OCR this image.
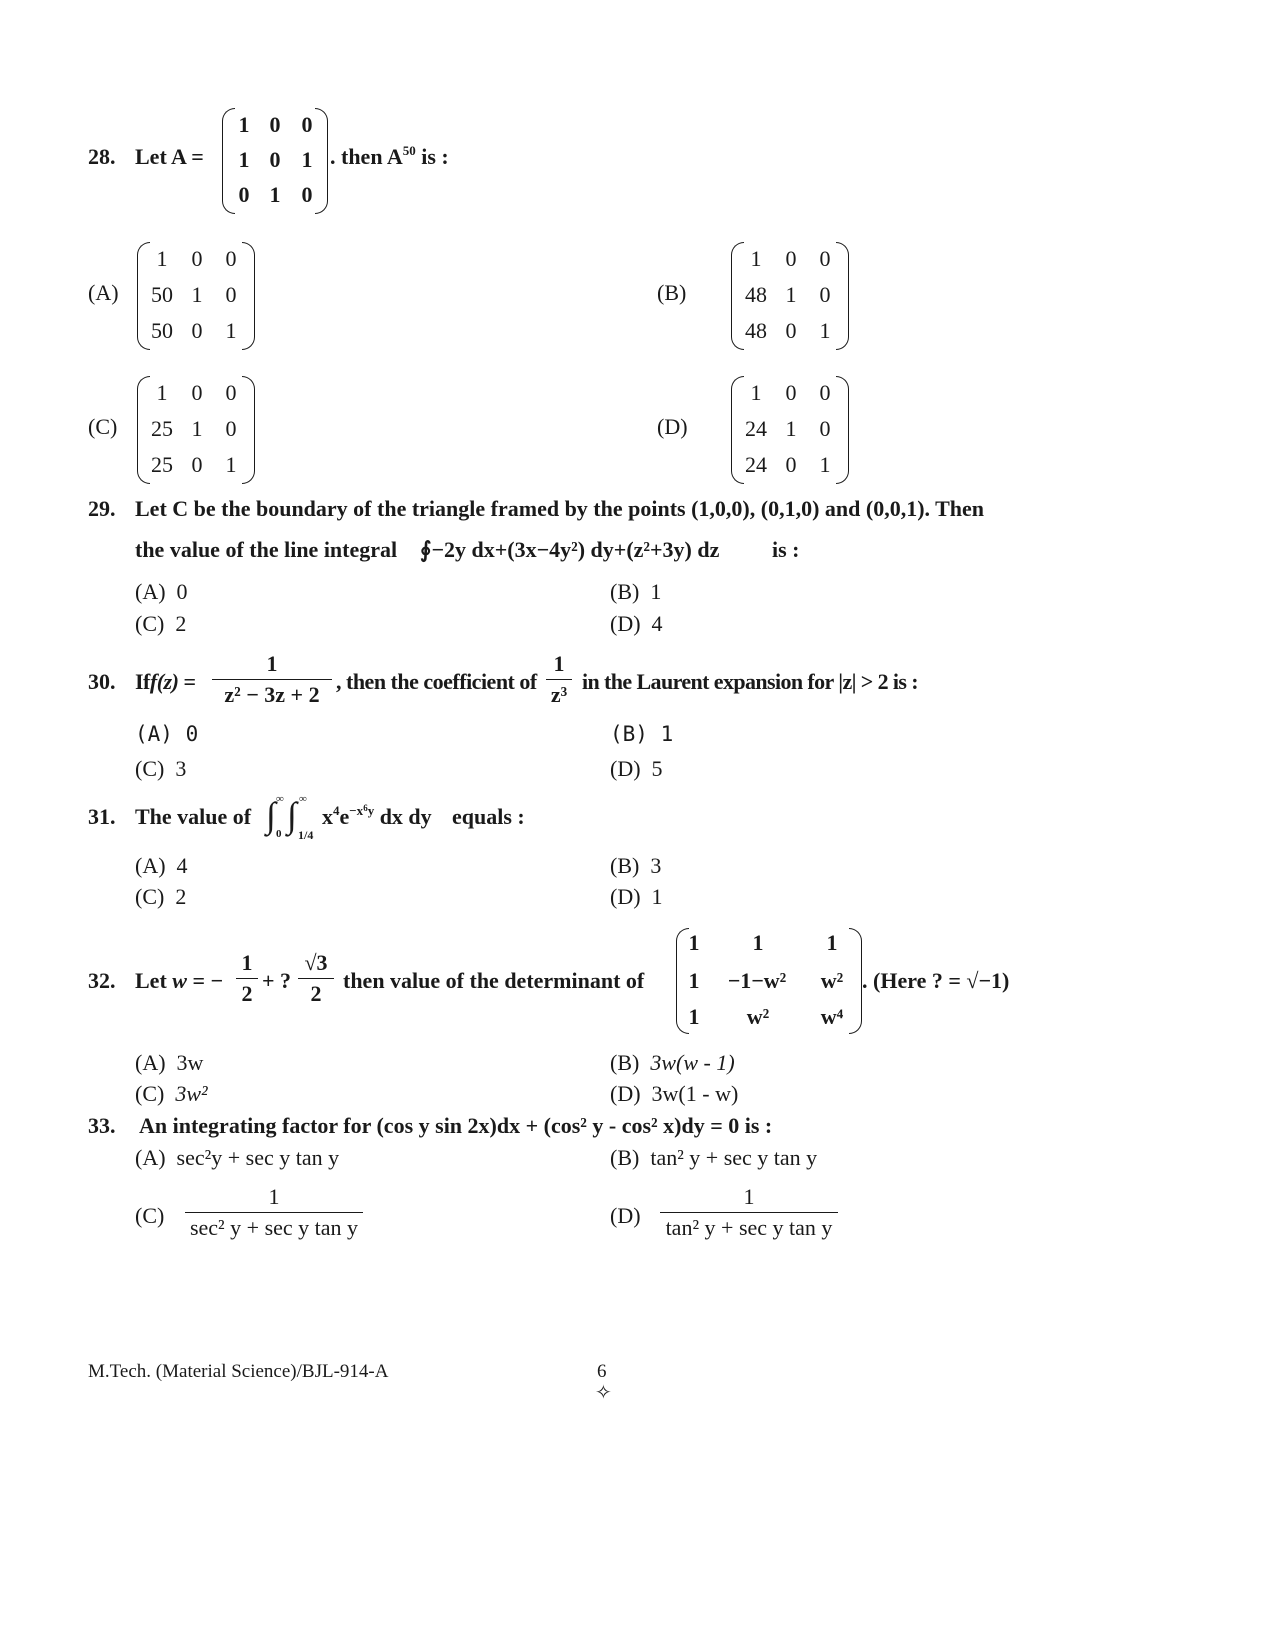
28. Let A =
1 0 0
1 0 1
0 1 0
. then $A^{50}$ is :
(A)
1	0 0
50 1 0
50 0 1
(B)
1	0 0
48 1 0
48 0 1
(C)
1	0 0
25 1 0
25 0 1
(D)
1	0 0
24 1 0
24 0 1
29. Let C be the boundary of the triangle framed by the points (1,0,0), (0,1,0) and (0,0,1). Then
the value of the line integral ∮−2y dx+(3x−4y²) dy+(z²+3y) dz is :
(A) 0	(B) 1
(C) 2	(D) 4
30. Iff(z) =
1
z² − 3z + 2
, then the coefficient of
1
z³
in the Laurent expansion for |z| > 2 is :
(A) 0	(B) 1
(C) 3	(D) 5
31. The value of ∫ ∞
0 ∫ ∞
1/4
$x^4e^{-x^6y}$ dx dy equals :
(A) 4	(B) 3
(C) 2	(D) 1
32. Let w = −
1
2
+ ?
√3
2
then value of the determinant of
1	1	1
1	−1−w²	w²
1	w²	w⁴
. (Here ? = √−1)
(A) 3w	(B) 3w(w - 1)
(C) 3w²	(D) 3w(1 - w)
33. An integrating factor for (cos y sin 2x)dx + (cos² y - cos² x)dy = 0 is :
(A) sec²y + sec y tan y	(B) tan² y + sec y tan y
(C)
1
sec² y + sec y tan y	(D)
1
tan² y + sec y tan y
M.Tech. (Material Science)/BJL-914-A	6
✧
